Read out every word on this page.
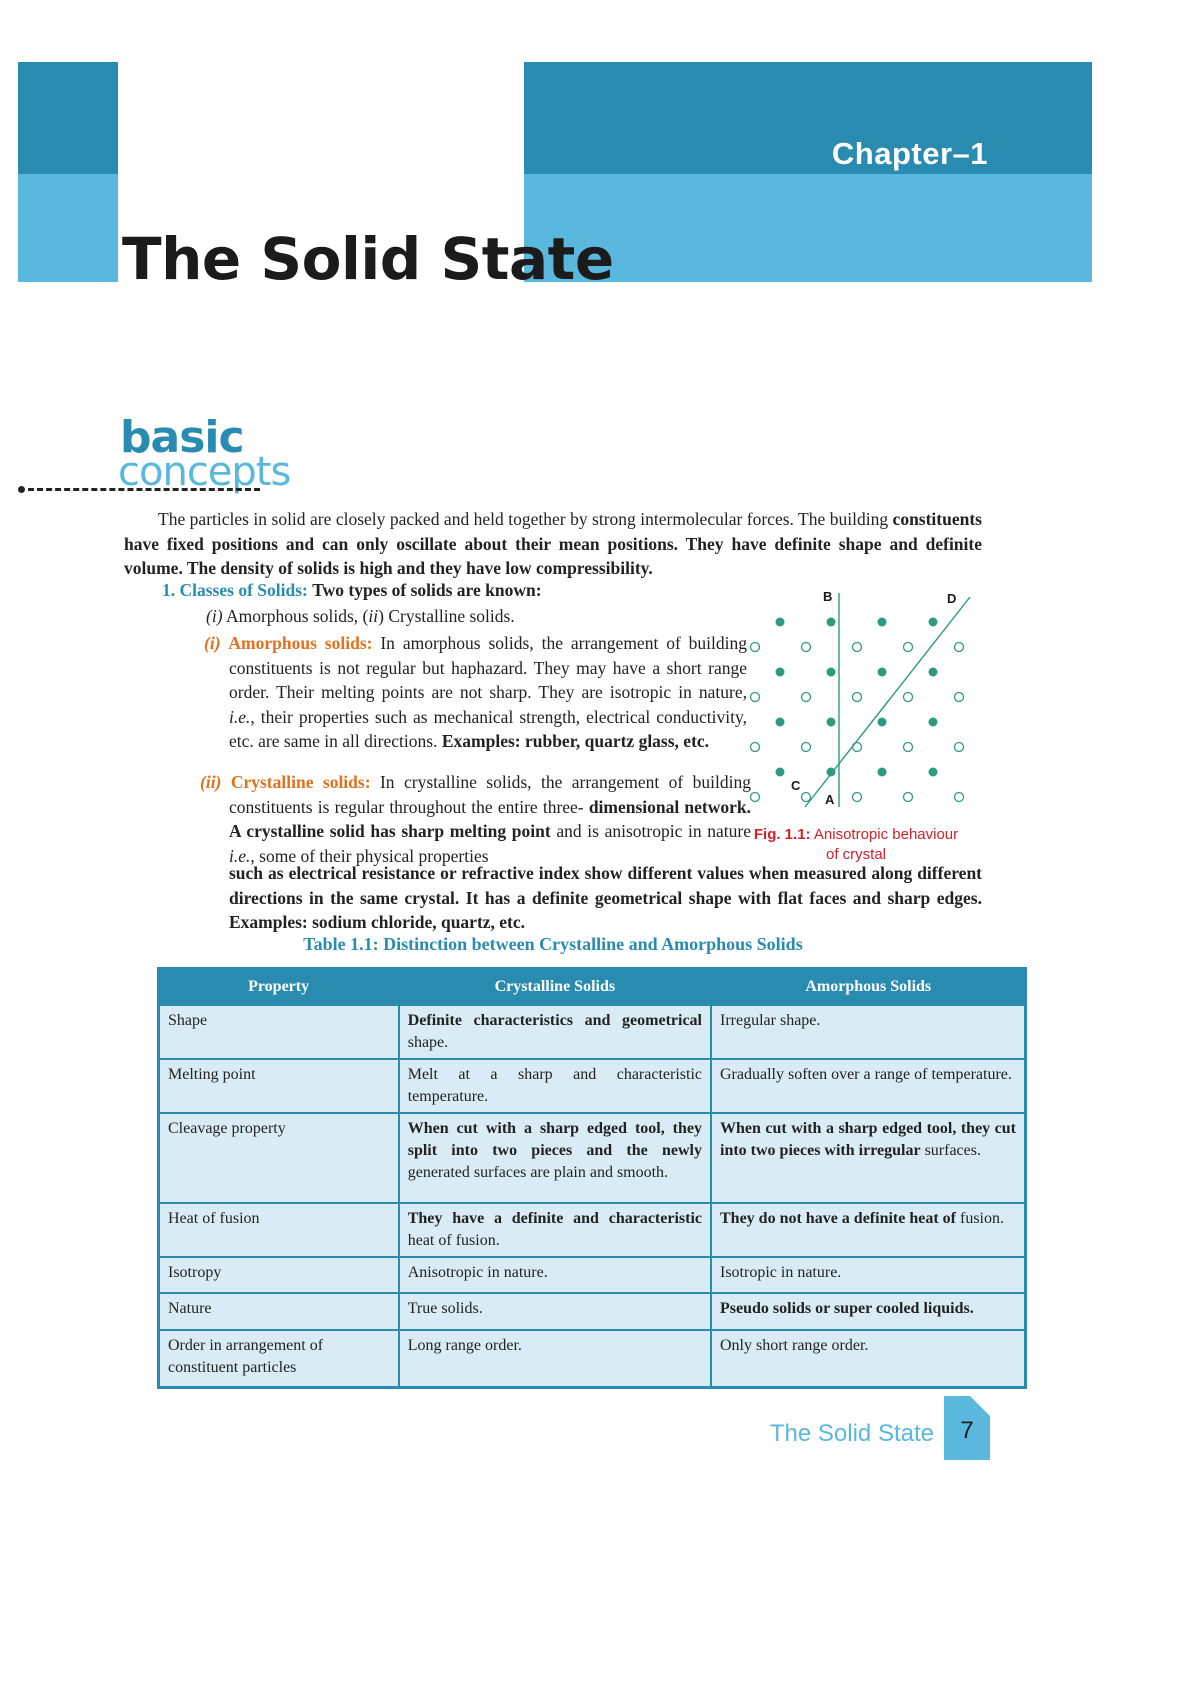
Chapter–1
The Solid State
basic
concepts
The particles in solid are closely packed and held together by strong intermolecular forces. The building constituents have fixed positions and can only oscillate about their mean positions. They have definite shape and definite volume. The density of solids is high and they have low compressibility.
1. Classes of Solids: Two types of solids are known:
(i) Amorphous solids, (ii) Crystalline solids.
(i) Amorphous solids: In amorphous solids, the arrangement of building constituents is not regular but haphazard. They may have a short range order. Their melting points are not sharp. They are isotropic in nature, i.e., their properties such as mechanical strength, electrical conductivity, etc. are same in all directions. Examples: rubber, quartz glass, etc.
(ii) Crystalline solids: In crystalline solids, the arrangement of building constituents is regular throughout the entire three- dimensional network. A crystalline solid has sharp melting point and is anisotropic in nature i.e., some of their physical properties
such as electrical resistance or refractive index show different values when measured along different directions in the same crystal. It has a definite geometrical shape with flat faces and sharp edges. Examples: sodium chloride, quartz, etc.
B	D
C
A
Fig. 1.1: Anisotropic behaviour
of crystal
Table 1.1: Distinction between Crystalline and Amorphous Solids
Property	Crystalline Solids	Amorphous Solids
Shape	Definite characteristics and geometrical shape.	Irregular shape.
Melting point	Melt at a sharp and characteristic temperature.	Gradually soften over a range of temperature.
Cleavage property	When cut with a sharp edged tool, they split into two pieces and the newly generated surfaces are plain and smooth.	When cut with a sharp edged tool, they cut into two pieces with irregular surfaces.
Heat of fusion	They have a definite and characteristic heat of fusion.	They do not have a definite heat of fusion.
Isotropy	Anisotropic in nature.	Isotropic in nature.
Nature	True solids.	Pseudo solids or super cooled liquids.
Order in arrangement of constituent particles	Long range order.	Only short range order.
The Solid State	7
